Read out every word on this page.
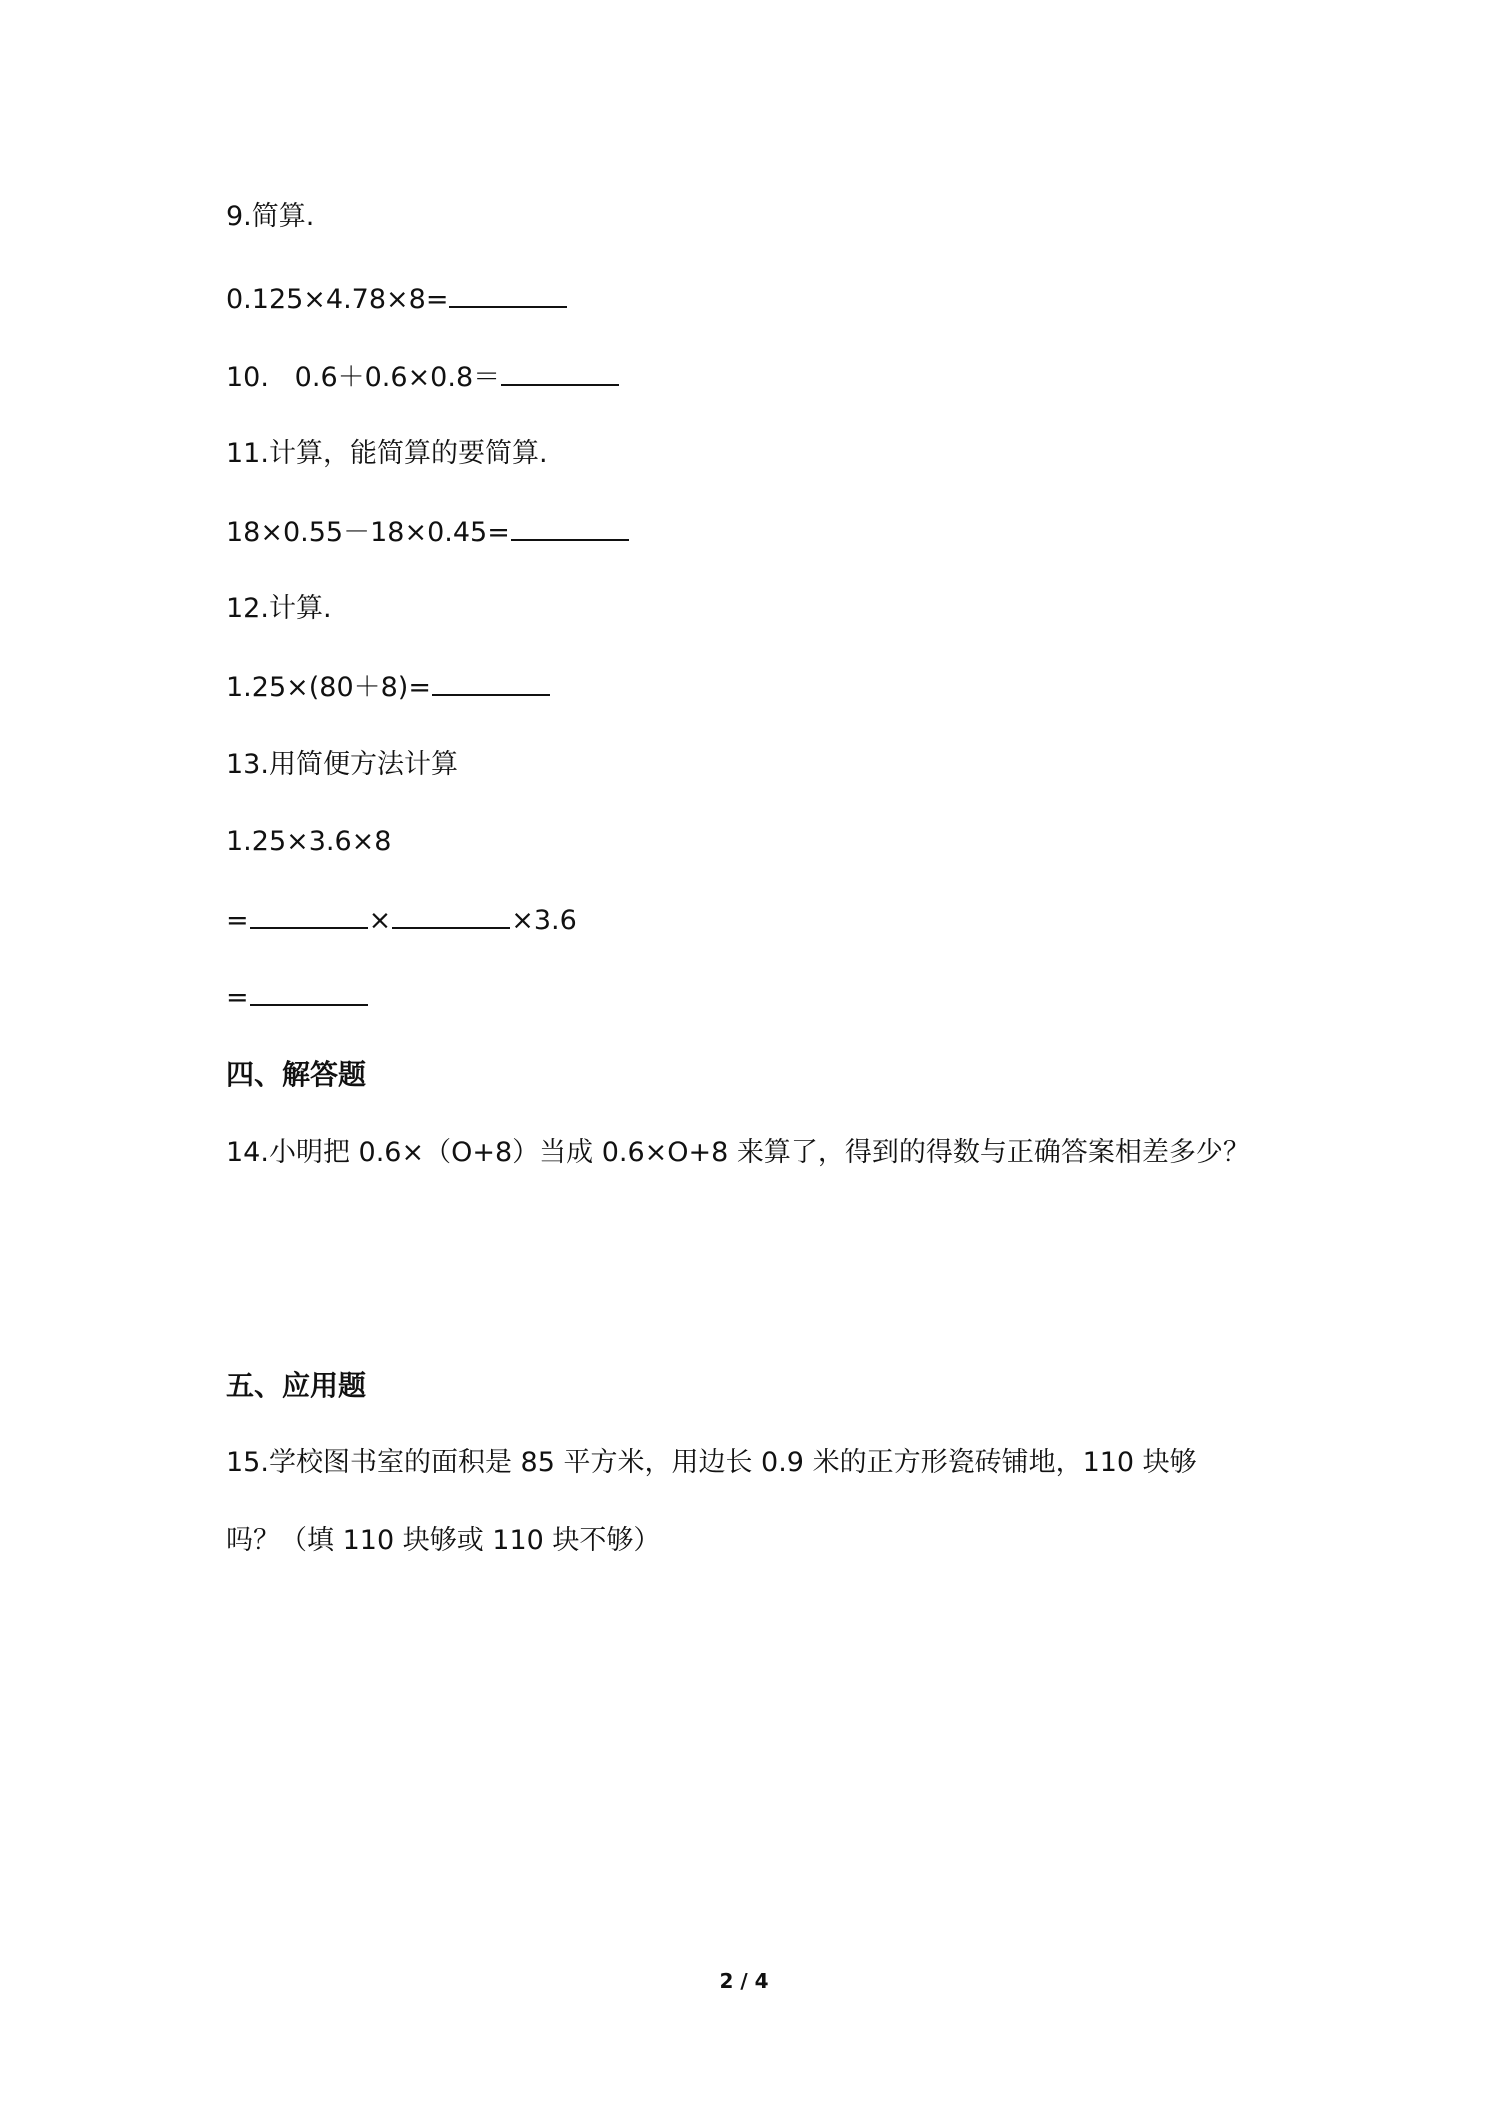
9.简算.
0.125×4.78×8=
10.   0.6＋0.6×0.8＝
11.计算，能简算的要简算.
18×0.55－18×0.45=
12.计算.
1.25×(80＋8)=
13.用简便方法计算
1.25×3.6×8
=	×	×3.6
=
四、解答题
14.小明把 0.6×（O+8）当成 0.6×O+8 来算了，得到的得数与正确答案相差多少？
五、应用题
15.学校图书室的面积是 85 平方米，用边长 0.9 米的正方形瓷砖铺地，110 块够
吗？（填 110 块够或 110 块不够）
2 / 4
